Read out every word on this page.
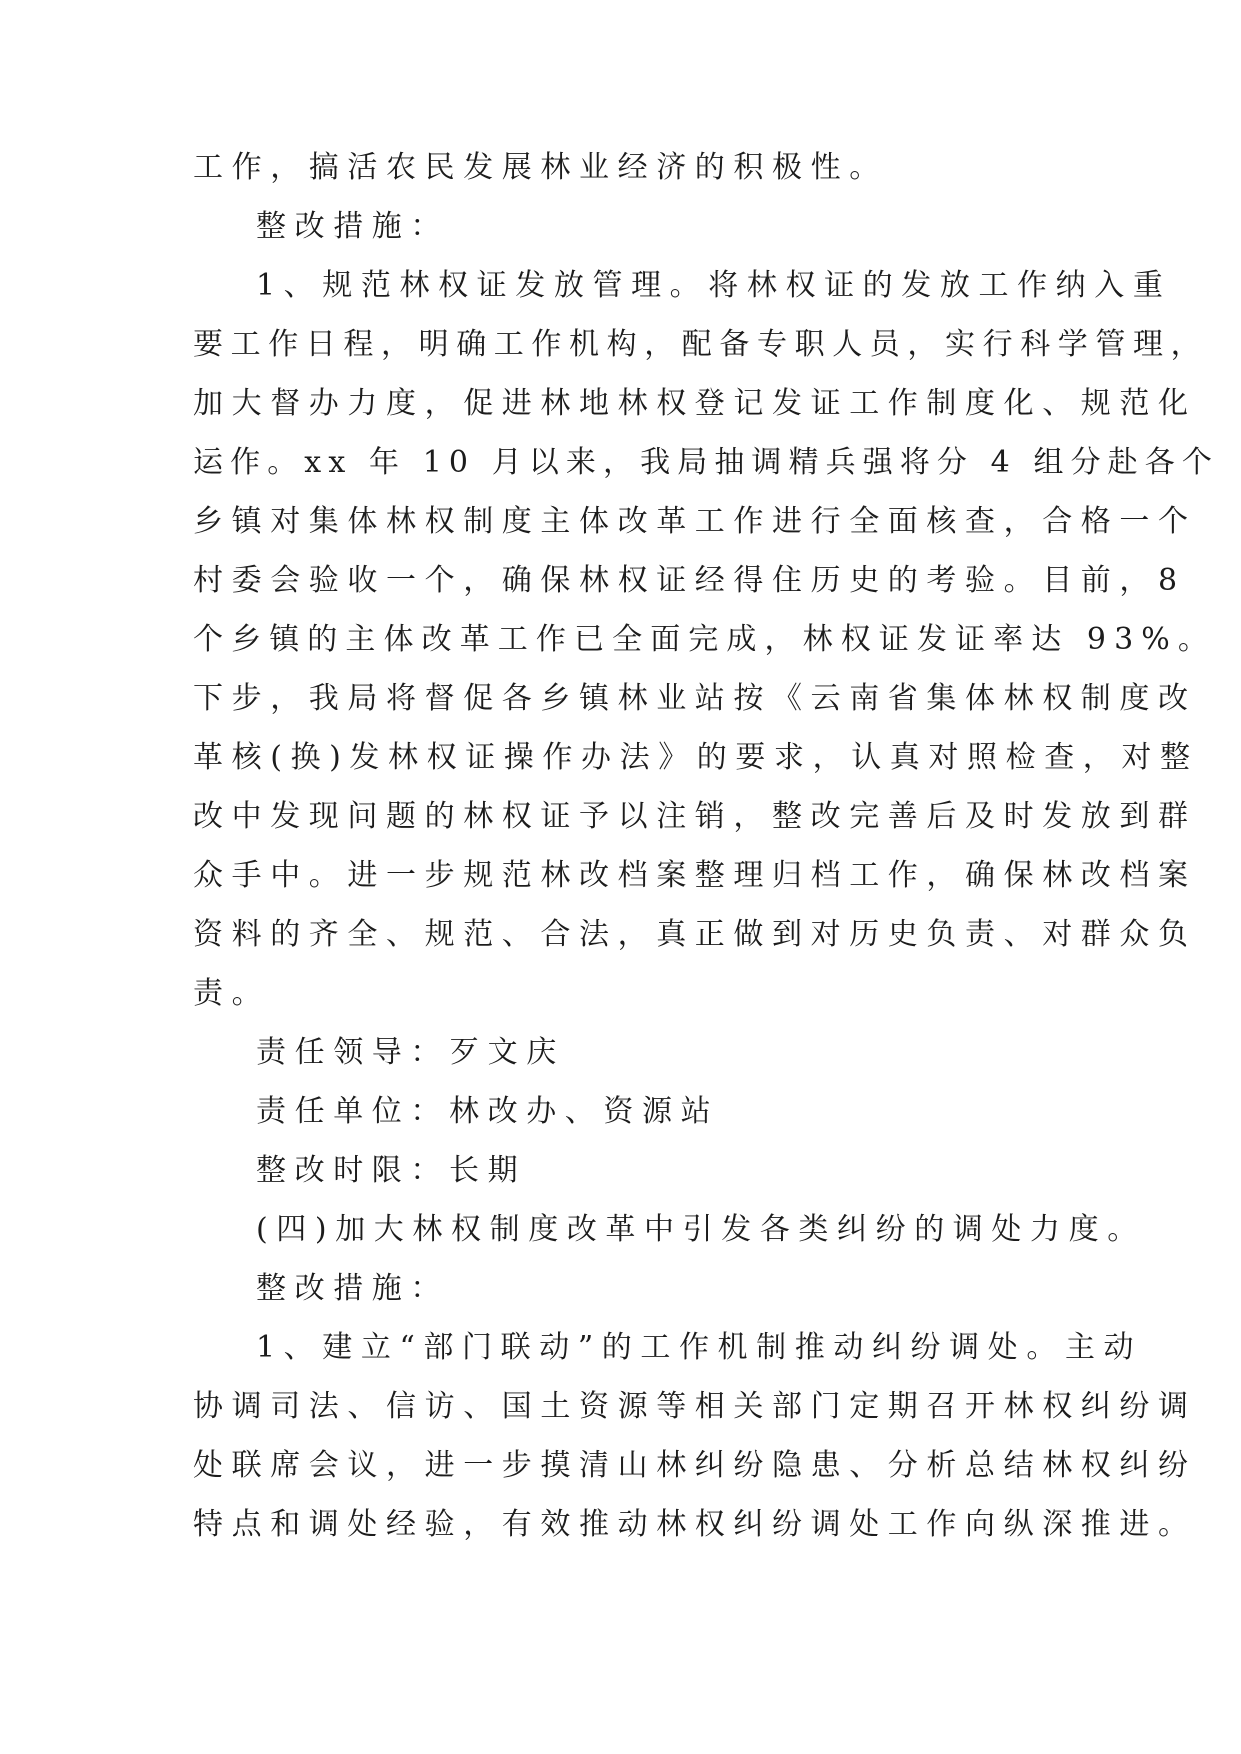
工作，搞活农民发展林业经济的积极性。

整改措施：

1、规范林权证发放管理。将林权证的发放工作纳入重

要工作日程，明确工作机构，配备专职人员，实行科学管理，

加大督办力度，促进林地林权登记发证工作制度化、规范化

运作。xx 年 10 月以来，我局抽调精兵强将分 4 组分赴各个

乡镇对集体林权制度主体改革工作进行全面核查，合格一个

村委会验收一个，确保林权证经得住历史的考验。目前，8

个乡镇的主体改革工作已全面完成，林权证发证率达 93%。

下步，我局将督促各乡镇林业站按《云南省集体林权制度改

革核(换)发林权证操作办法》的要求，认真对照检查，对整

改中发现问题的林权证予以注销，整改完善后及时发放到群

众手中。进一步规范林改档案整理归档工作，确保林改档案

资料的齐全、规范、合法，真正做到对历史负责、对群众负

责。

责任领导：歹文庆

责任单位：林改办、资源站

整改时限：长期

(四)加大林权制度改革中引发各类纠纷的调处力度。

整改措施：

1、建立“部门联动”的工作机制推动纠纷调处。主动

协调司法、信访、国土资源等相关部门定期召开林权纠纷调

处联席会议，进一步摸清山林纠纷隐患、分析总结林权纠纷

特点和调处经验，有效推动林权纠纷调处工作向纵深推进。
